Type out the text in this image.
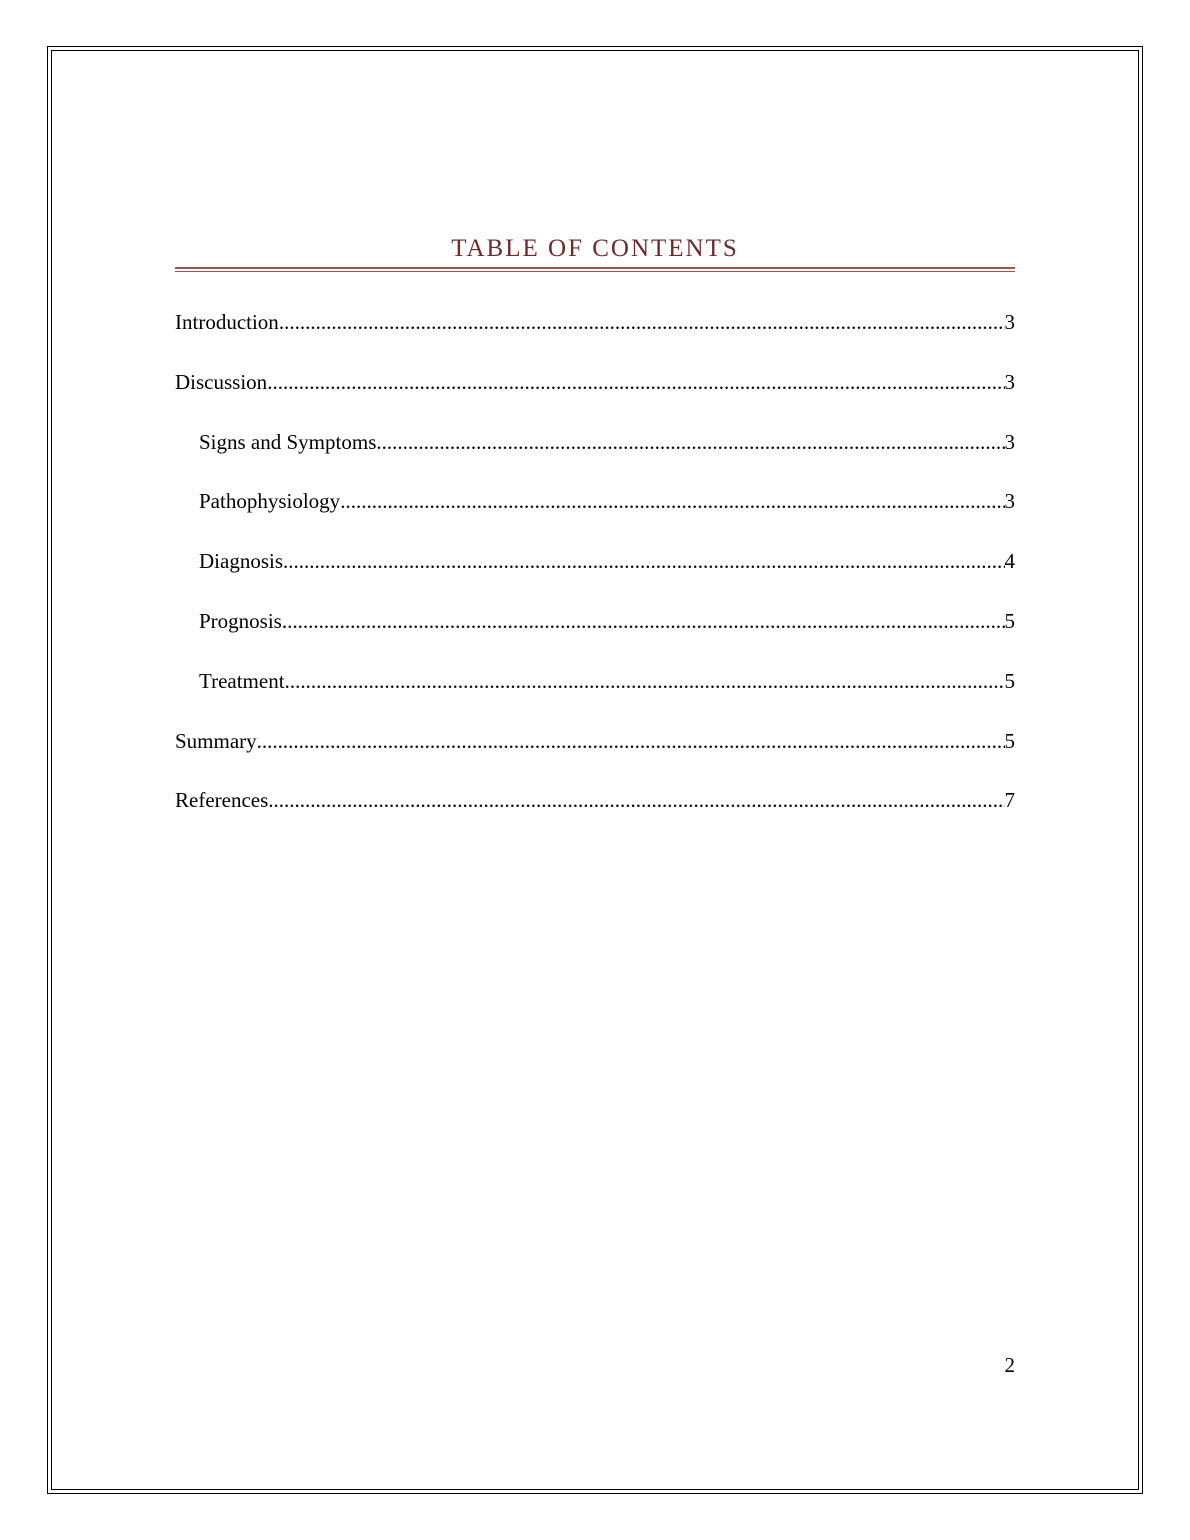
TABLE OF CONTENTS
Introduction .....	3
Discussion .....	3
Signs and Symptoms .....	3
Pathophysiology .....	3
Diagnosis .....	4
Prognosis .....	5
Treatment .....	5
Summary .....	5
References .....	7
2
